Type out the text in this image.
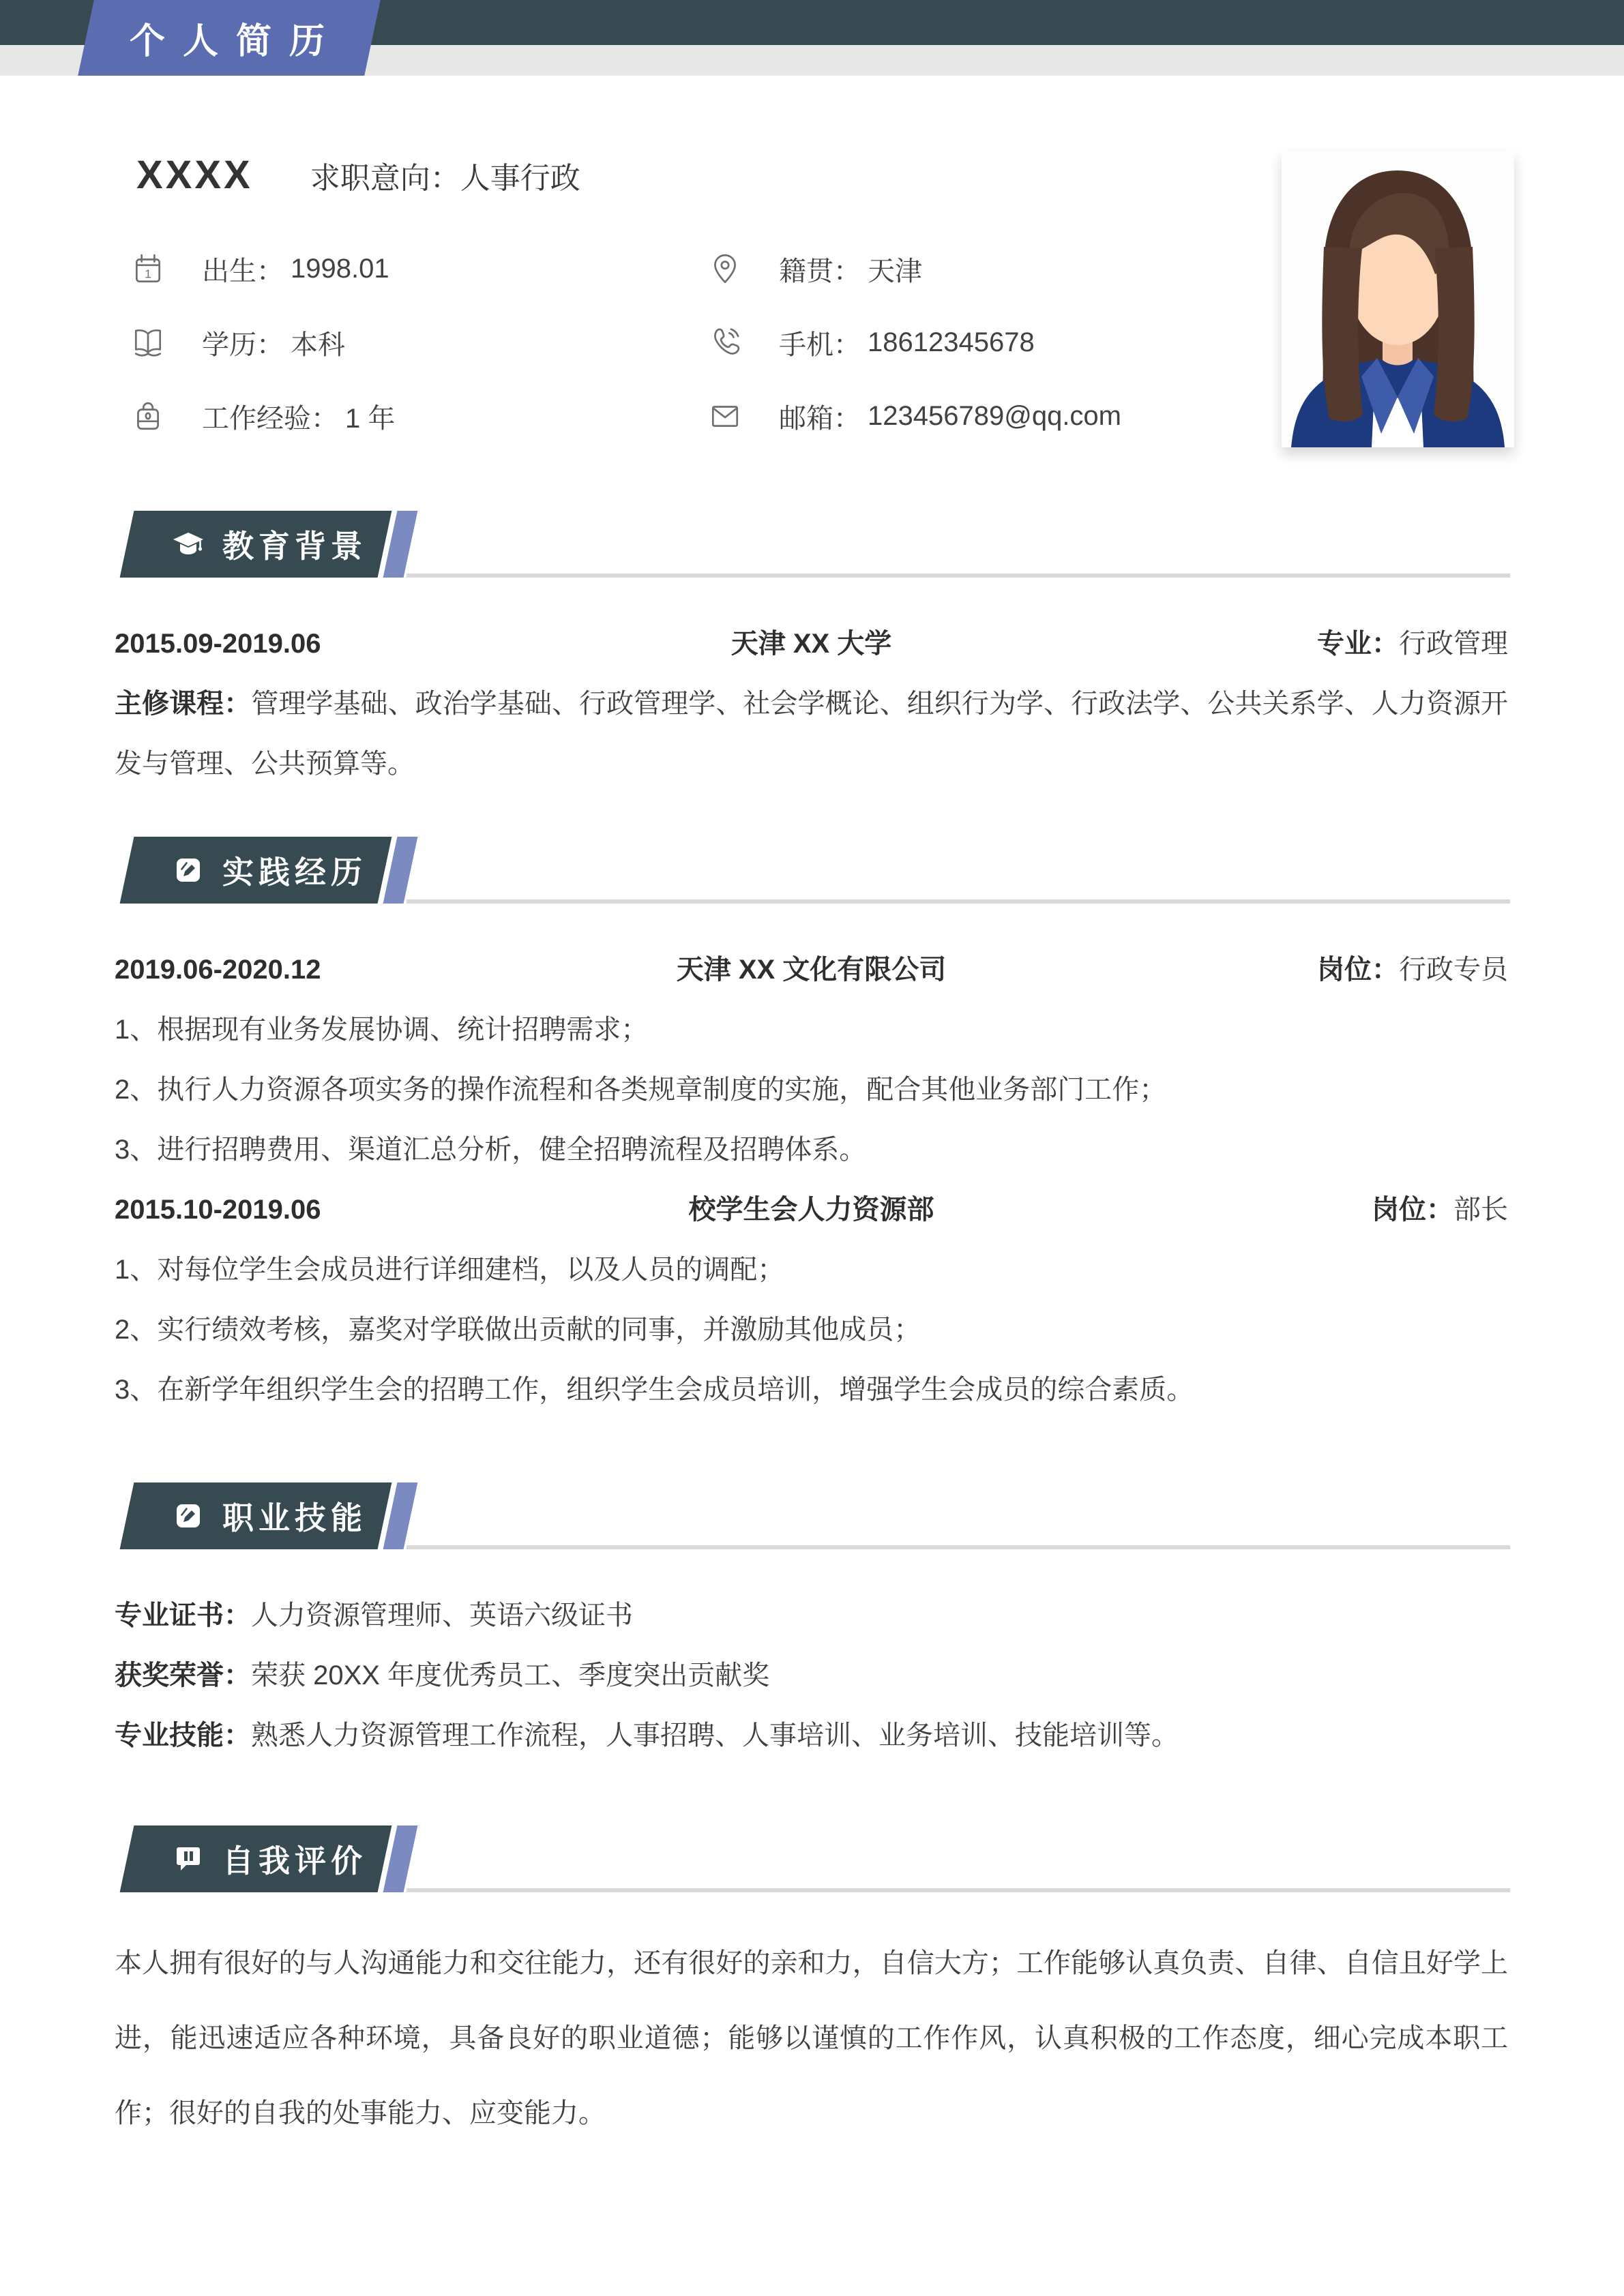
个人简历
XXXX 求职意向：人事行政
1 出生： 1998.01	籍贯： 天津
学历： 本科	手机： 18612345678
工作经验： 1 年	邮箱： 123456789@qq.com
教育背景
2015.09-2019.06	天津 XX 大学	专业：行政管理
主修课程：管理学基础、政治学基础、行政管理学、社会学概论、组织行为学、行政法学、公共关系学、人力资源开发与管理、公共预算等。
实践经历
2019.06-2020.12	天津 XX 文化有限公司	岗位：行政专员
1、根据现有业务发展协调、统计招聘需求；
2、执行人力资源各项实务的操作流程和各类规章制度的实施，配合其他业务部门工作；
3、进行招聘费用、渠道汇总分析，健全招聘流程及招聘体系。
2015.10-2019.06	校学生会人力资源部	岗位：部长
1、对每位学生会成员进行详细建档，以及人员的调配；
2、实行绩效考核，嘉奖对学联做出贡献的同事，并激励其他成员；
3、在新学年组织学生会的招聘工作，组织学生会成员培训，增强学生会成员的综合素质。
职业技能
专业证书：人力资源管理师、英语六级证书
获奖荣誉：荣获 20XX 年度优秀员工、季度突出贡献奖
专业技能：熟悉人力资源管理工作流程，人事招聘、人事培训、业务培训、技能培训等。
自我评价
本人拥有很好的与人沟通能力和交往能力，还有很好的亲和力，自信大方；工作能够认真负责、自律、自信且好学上进，能迅速适应各种环境，具备良好的职业道德；能够以谨慎的工作作风，认真积极的工作态度，细心完成本职工作；很好的自我的处事能力、应变能力。
